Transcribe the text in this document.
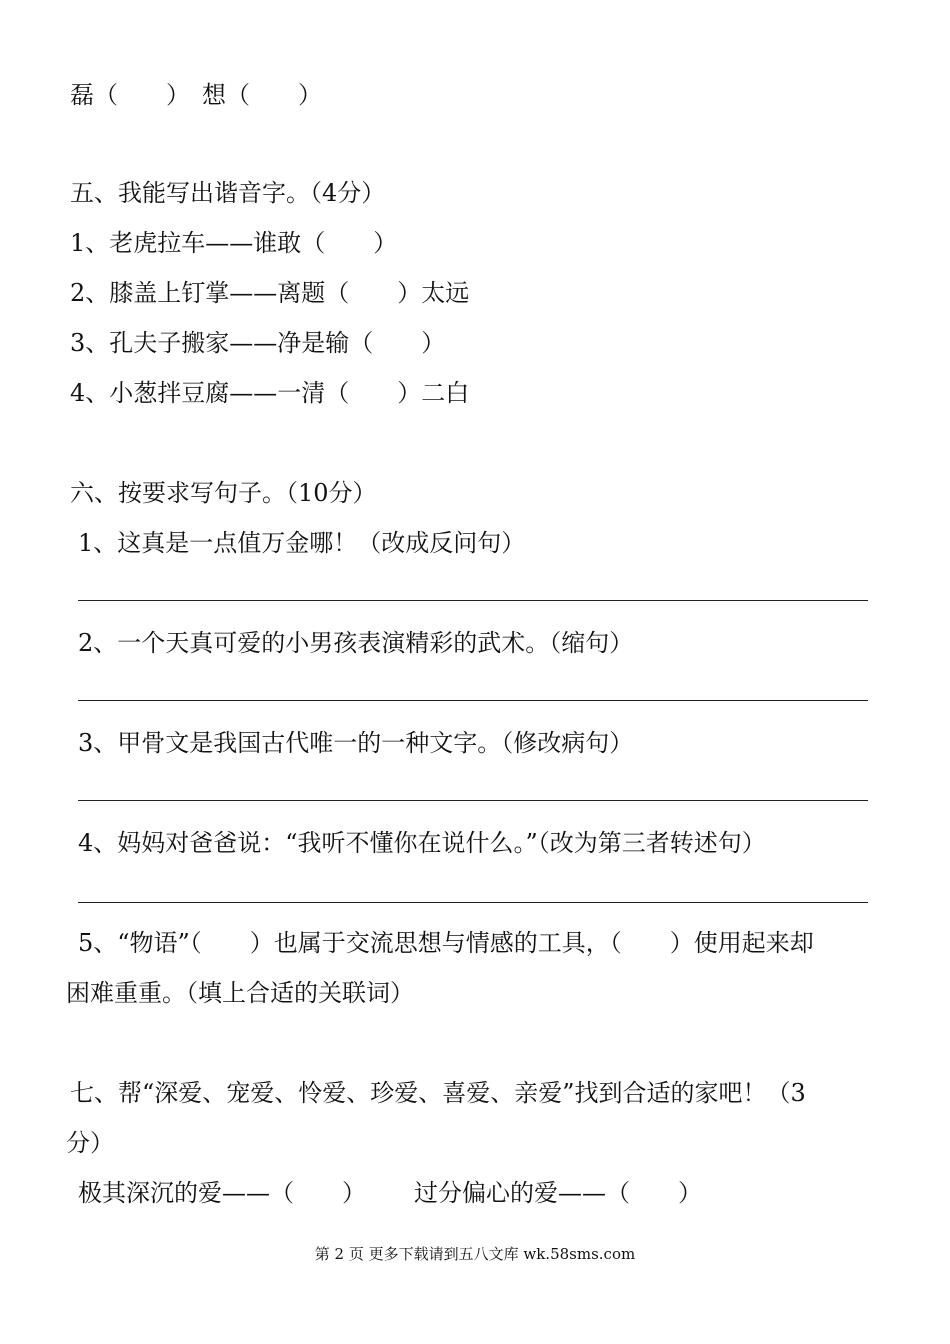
磊（　　）　想（　　）
五、我能写出谐音字。（4分）
1、老虎拉车——谁敢（　　）
2、膝盖上钉掌——离题（　　）太远
3、孔夫子搬家——净是输（　　）
4、小葱拌豆腐——一清（　　）二白
六、按要求写句子。（10分）
1、这真是一点值万金哪！（改成反问句）
2、一个天真可爱的小男孩表演精彩的武术。（缩句）
3、甲骨文是我国古代唯一的一种文字。（修改病句）
4、妈妈对爸爸说：“我听不懂你在说什么。”（改为第三者转述句）
5、“物语”（　　）也属于交流思想与情感的工具，（　　）使用起来却
困难重重。（填上合适的关联词）
七、帮“深爱、宠爱、怜爱、珍爱、喜爱、亲爱”找到合适的家吧！（3
分）
极其深沉的爱——（　　） 过分偏心的爱——（　　）
第 2 页 更多下载请到五八文库 wk.58sms.com
